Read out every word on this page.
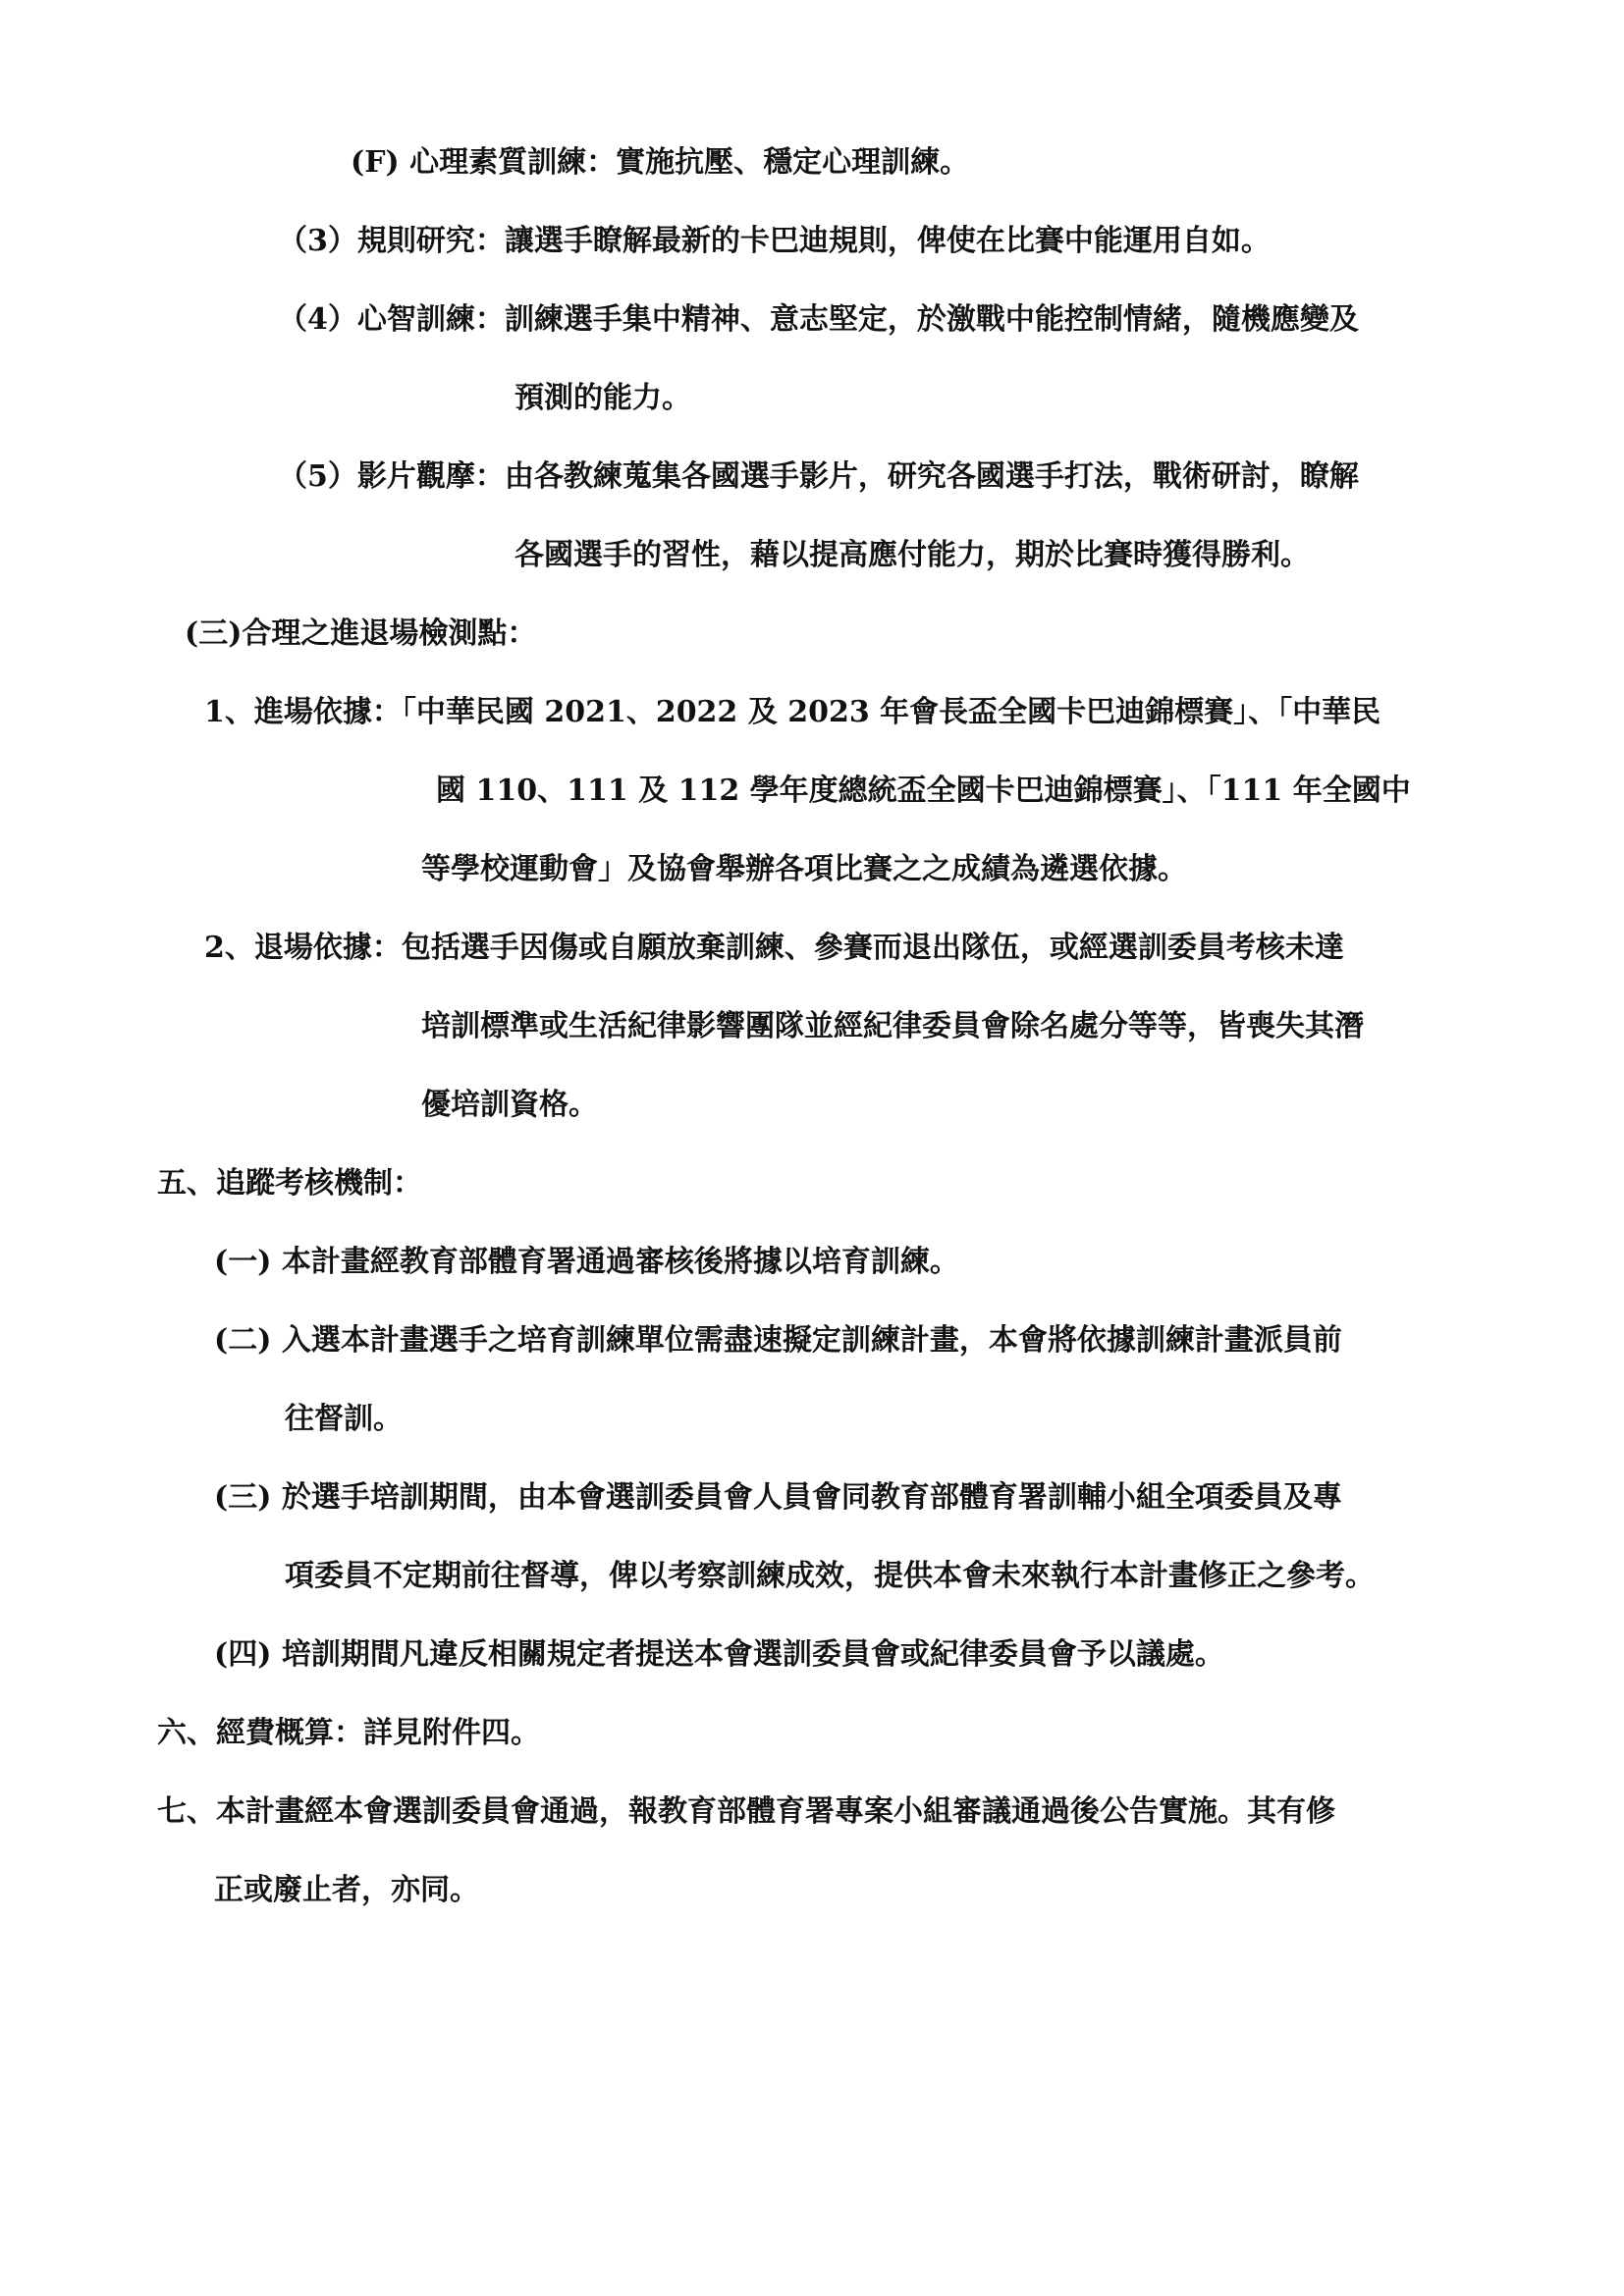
(F) 心理素質訓練：實施抗壓、穩定心理訓練。
（3）規則研究：讓選手瞭解最新的卡巴迪規則，俾使在比賽中能運用自如。
（4）心智訓練：訓練選手集中精神、意志堅定，於激戰中能控制情緒，隨機應變及
預測的能力。
（5）影片觀摩：由各教練蒐集各國選手影片，研究各國選手打法，戰術研討，瞭解
各國選手的習性，藉以提高應付能力，期於比賽時獲得勝利。
(三)合理之進退場檢測點：
1、進場依據：「中華民國 2021、2022 及 2023 年會長盃全國卡巴迪錦標賽」、「中華民
國 110、111 及 112 學年度總統盃全國卡巴迪錦標賽」、「111 年全國中
等學校運動會」及協會舉辦各項比賽之之成績為遴選依據。
2、退場依據：包括選手因傷或自願放棄訓練、參賽而退出隊伍，或經選訓委員考核未達
培訓標準或生活紀律影響團隊並經紀律委員會除名處分等等，皆喪失其潛
優培訓資格。
五、追蹤考核機制：
(一) 本計畫經教育部體育署通過審核後將據以培育訓練。
(二) 入選本計畫選手之培育訓練單位需盡速擬定訓練計畫，本會將依據訓練計畫派員前
往督訓。
(三) 於選手培訓期間，由本會選訓委員會人員會同教育部體育署訓輔小組全項委員及專
項委員不定期前往督導，俾以考察訓練成效，提供本會未來執行本計畫修正之參考。
(四) 培訓期間凡違反相關規定者提送本會選訓委員會或紀律委員會予以議處。
六、經費概算：詳見附件四。
七、本計畫經本會選訓委員會通過，報教育部體育署專案小組審議通過後公告實施。其有修
正或廢止者，亦同。
